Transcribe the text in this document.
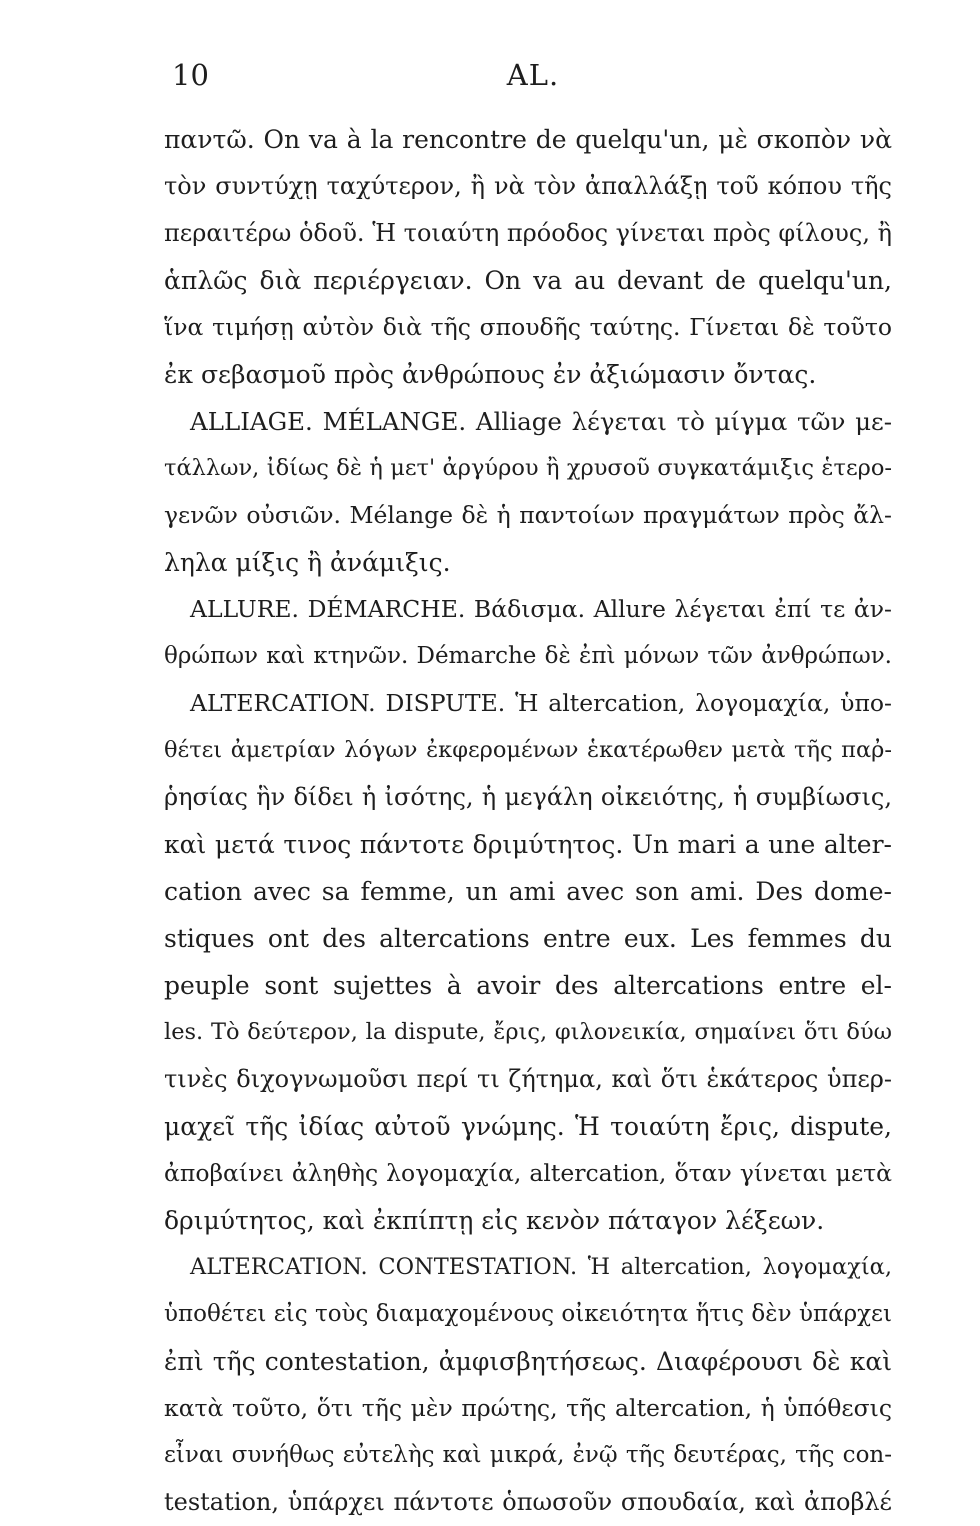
10	AL.
παντῶ. On va à la rencontre de quelqu'un, μὲ σκοπὸν νὰ
τὸν συντύχῃ ταχύτερον, ἢ νὰ τὸν ἀπαλλάξῃ τοῦ κόπου τῆς
περαιτέρω ὁδοῦ. Ἡ τοιαύτη πρόοδος γίνεται πρὸς φίλους, ἢ
ἁπλῶς διὰ περιέργειαν. On va au devant de quelqu'un,
ἵνα τιμήσῃ αὐτὸν διὰ τῆς σπουδῆς ταύτης. Γίνεται δὲ τοῦτο
ἐκ σεβασμοῦ πρὸς ἀνθρώπους ἐν ἀξιώμασιν ὄντας.
ALLIAGE. MÉLANGE. Alliage λέγεται τὸ μίγμα τῶν με-
τάλλων, ἰδίως δὲ ἡ μετ' ἀργύρου ἢ χρυσοῦ συγκατάμιξις ἑτερο-
γενῶν οὐσιῶν. Mélange δὲ ἡ παντοίων πραγμάτων πρὸς ἄλ-
ληλα μίξις ἢ ἀνάμιξις.
ALLURE. DÉMARCHE. Βάδισμα. Allure λέγεται ἐπί τε ἀν-
θρώπων καὶ κτηνῶν. Démarche δὲ ἐπὶ μόνων τῶν ἀνθρώπων.
ALTERCATION. DISPUTE. Ἡ altercation, λογομαχία, ὑπο-
θέτει ἀμετρίαν λόγων ἐκφερομένων ἑκατέρωθεν μετὰ τῆς παῤ-
ῥησίας ἣν δίδει ἡ ἰσότης, ἡ μεγάλη οἰκειότης, ἡ συμβίωσις,
καὶ μετά τινος πάντοτε δριμύτητος. Un mari a une alter-
cation avec sa femme, un ami avec son ami. Des dome-
stiques ont des altercations entre eux. Les femmes du
peuple sont sujettes à avoir des altercations entre el-
les. Τὸ δεύτερον, la dispute, ἔρις, φιλονεικία, σημαίνει ὅτι δύω
τινὲς διχογνωμοῦσι περί τι ζήτημα, καὶ ὅτι ἑκάτερος ὑπερ-
μαχεῖ τῆς ἰδίας αὐτοῦ γνώμης. Ἡ τοιαύτη ἔρις, dispute,
ἀποβαίνει ἀληθὴς λογομαχία, altercation, ὅταν γίνεται μετὰ
δριμύτητος, καὶ ἐκπίπτῃ εἰς κενὸν πάταγον λέξεων.
ALTERCATION. CONTESTATION. Ἡ altercation, λογομαχία,
ὑποθέτει εἰς τοὺς διαμαχομένους οἰκειότητα ἥτις δὲν ὑπάρχει
ἐπὶ τῆς contestation, ἀμφισβητήσεως. Διαφέρουσι δὲ καὶ
κατὰ τοῦτο, ὅτι τῆς μὲν πρώτης, τῆς altercation, ἡ ὑπόθεσις
εἶναι συνήθως εὐτελὴς καὶ μικρά, ἐνῷ τῆς δευτέρας, τῆς con-
testation, ὑπάρχει πάντοτε ὁπωσοῦν σπουδαία, καὶ ἀποβλέ
